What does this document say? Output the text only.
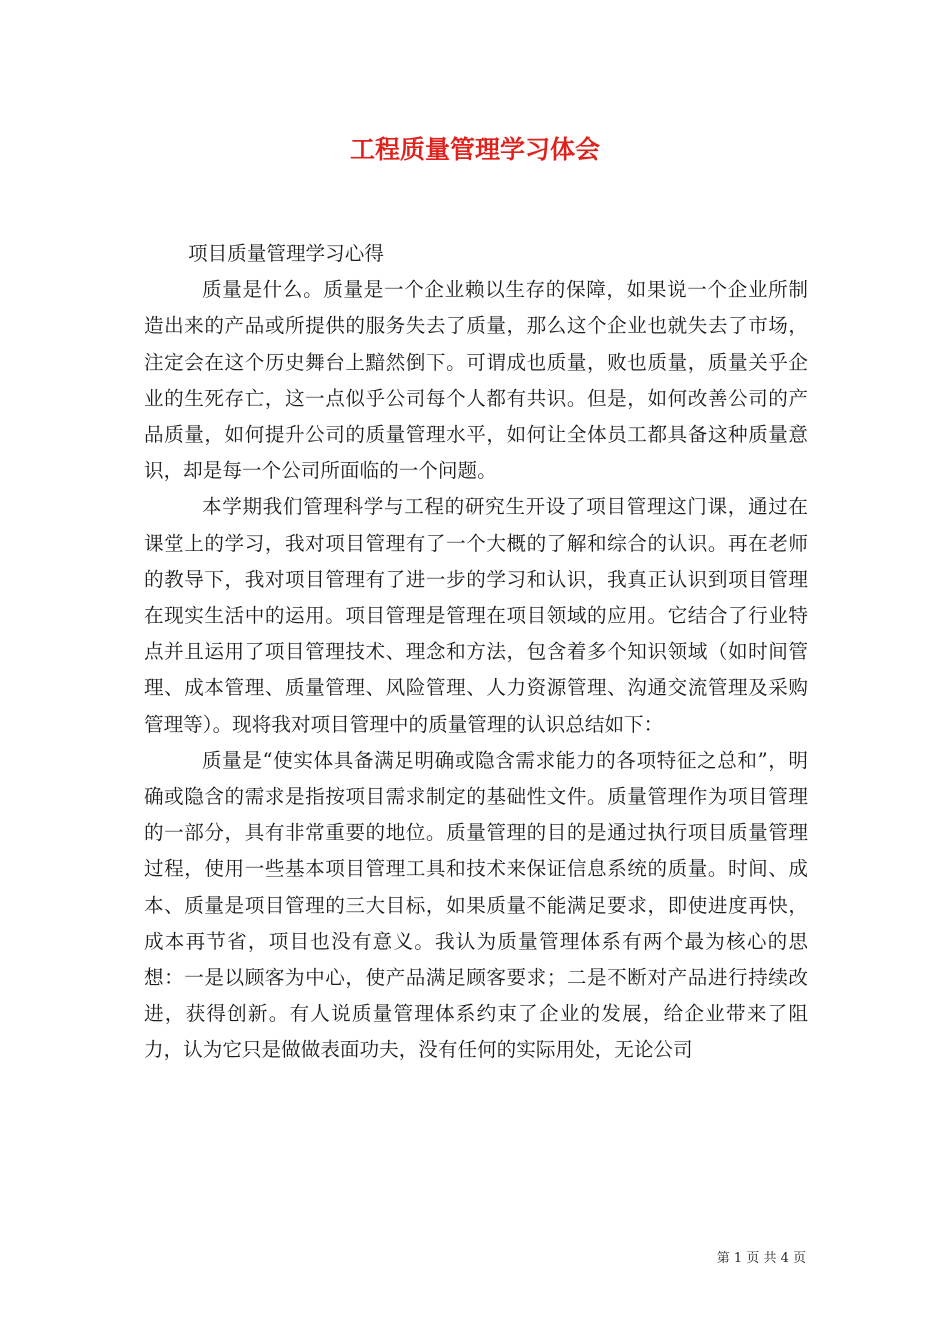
工程质量管理学习体会

项目质量管理学习心得

质量是什么。质量是一个企业赖以生存的保障，如果说一个企业所制造出来的产品或所提供的服务失去了质量，那么这个企业也就失去了市场，注定会在这个历史舞台上黯然倒下。可谓成也质量，败也质量，质量关乎企业的生死存亡，这一点似乎公司每个人都有共识。但是，如何改善公司的产品质量，如何提升公司的质量管理水平，如何让全体员工都具备这种质量意识，却是每一个公司所面临的一个问题。

本学期我们管理科学与工程的研究生开设了项目管理这门课，通过在课堂上的学习，我对项目管理有了一个大概的了解和综合的认识。再在老师的教导下，我对项目管理有了进一步的学习和认识，我真正认识到项目管理在现实生活中的运用。项目管理是管理在项目领域的应用。它结合了行业特点并且运用了项目管理技术、理念和方法，包含着多个知识领域（如时间管理、成本管理、质量管理、风险管理、人力资源管理、沟通交流管理及采购管理等）。现将我对项目管理中的质量管理的认识总结如下：

质量是“使实体具备满足明确或隐含需求能力的各项特征之总和”，明确或隐含的需求是指按项目需求制定的基础性文件。质量管理作为项目管理的一部分，具有非常重要的地位。质量管理的目的是通过执行项目质量管理过程，使用一些基本项目管理工具和技术来保证信息系统的质量。时间、成本、质量是项目管理的三大目标，如果质量不能满足要求，即使进度再快，成本再节省，项目也没有意义。我认为质量管理体系有两个最为核心的思想：一是以顾客为中心，使产品满足顾客要求；二是不断对产品进行持续改进，获得创新。有人说质量管理体系约束了企业的发展，给企业带来了阻力，认为它只是做做表面功夫，没有任何的实际用处，无论公司

第 1 页 共 4 页
